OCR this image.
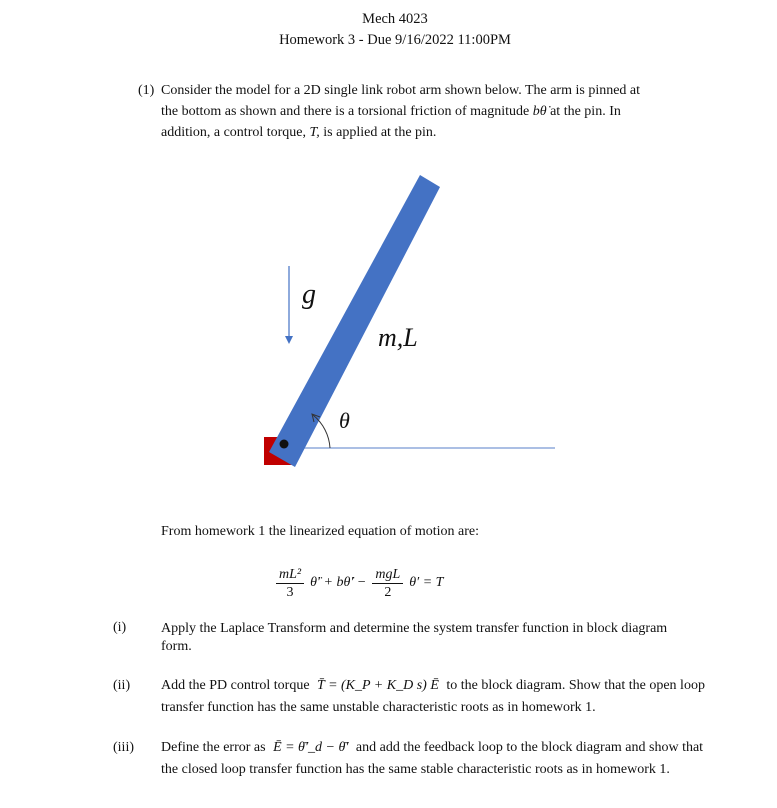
Mech 4023
Homework 3 - Due 9/16/2022 11:00PM
(1) Consider the model for a 2D single link robot arm shown below. The arm is pinned at
the bottom as shown and there is a torsional friction of magnitude bθ̇ at the pin. In
addition, a control torque, T, is applied at the pin.
g
m,L
θ
From homework 1 the linearized equation of motion are:
$\frac{\text{mL²}}{3}$ θ̈′ + bθ̇′ −
mgL
2
θ′ = T
(i) Apply the Laplace Transform and determine the system transfer function in block diagram
form.
(ii) Add the PD control torque T̄ = (K_P + K_D s) Ē to the block diagram. Show that the open loop
transfer function has the same unstable characteristic roots as in homework 1.
(iii) Define the error as Ē = θ̄′_d − θ̄′ and add the feedback loop to the block diagram and show that
the closed loop transfer function has the same stable characteristic roots as in homework 1.
